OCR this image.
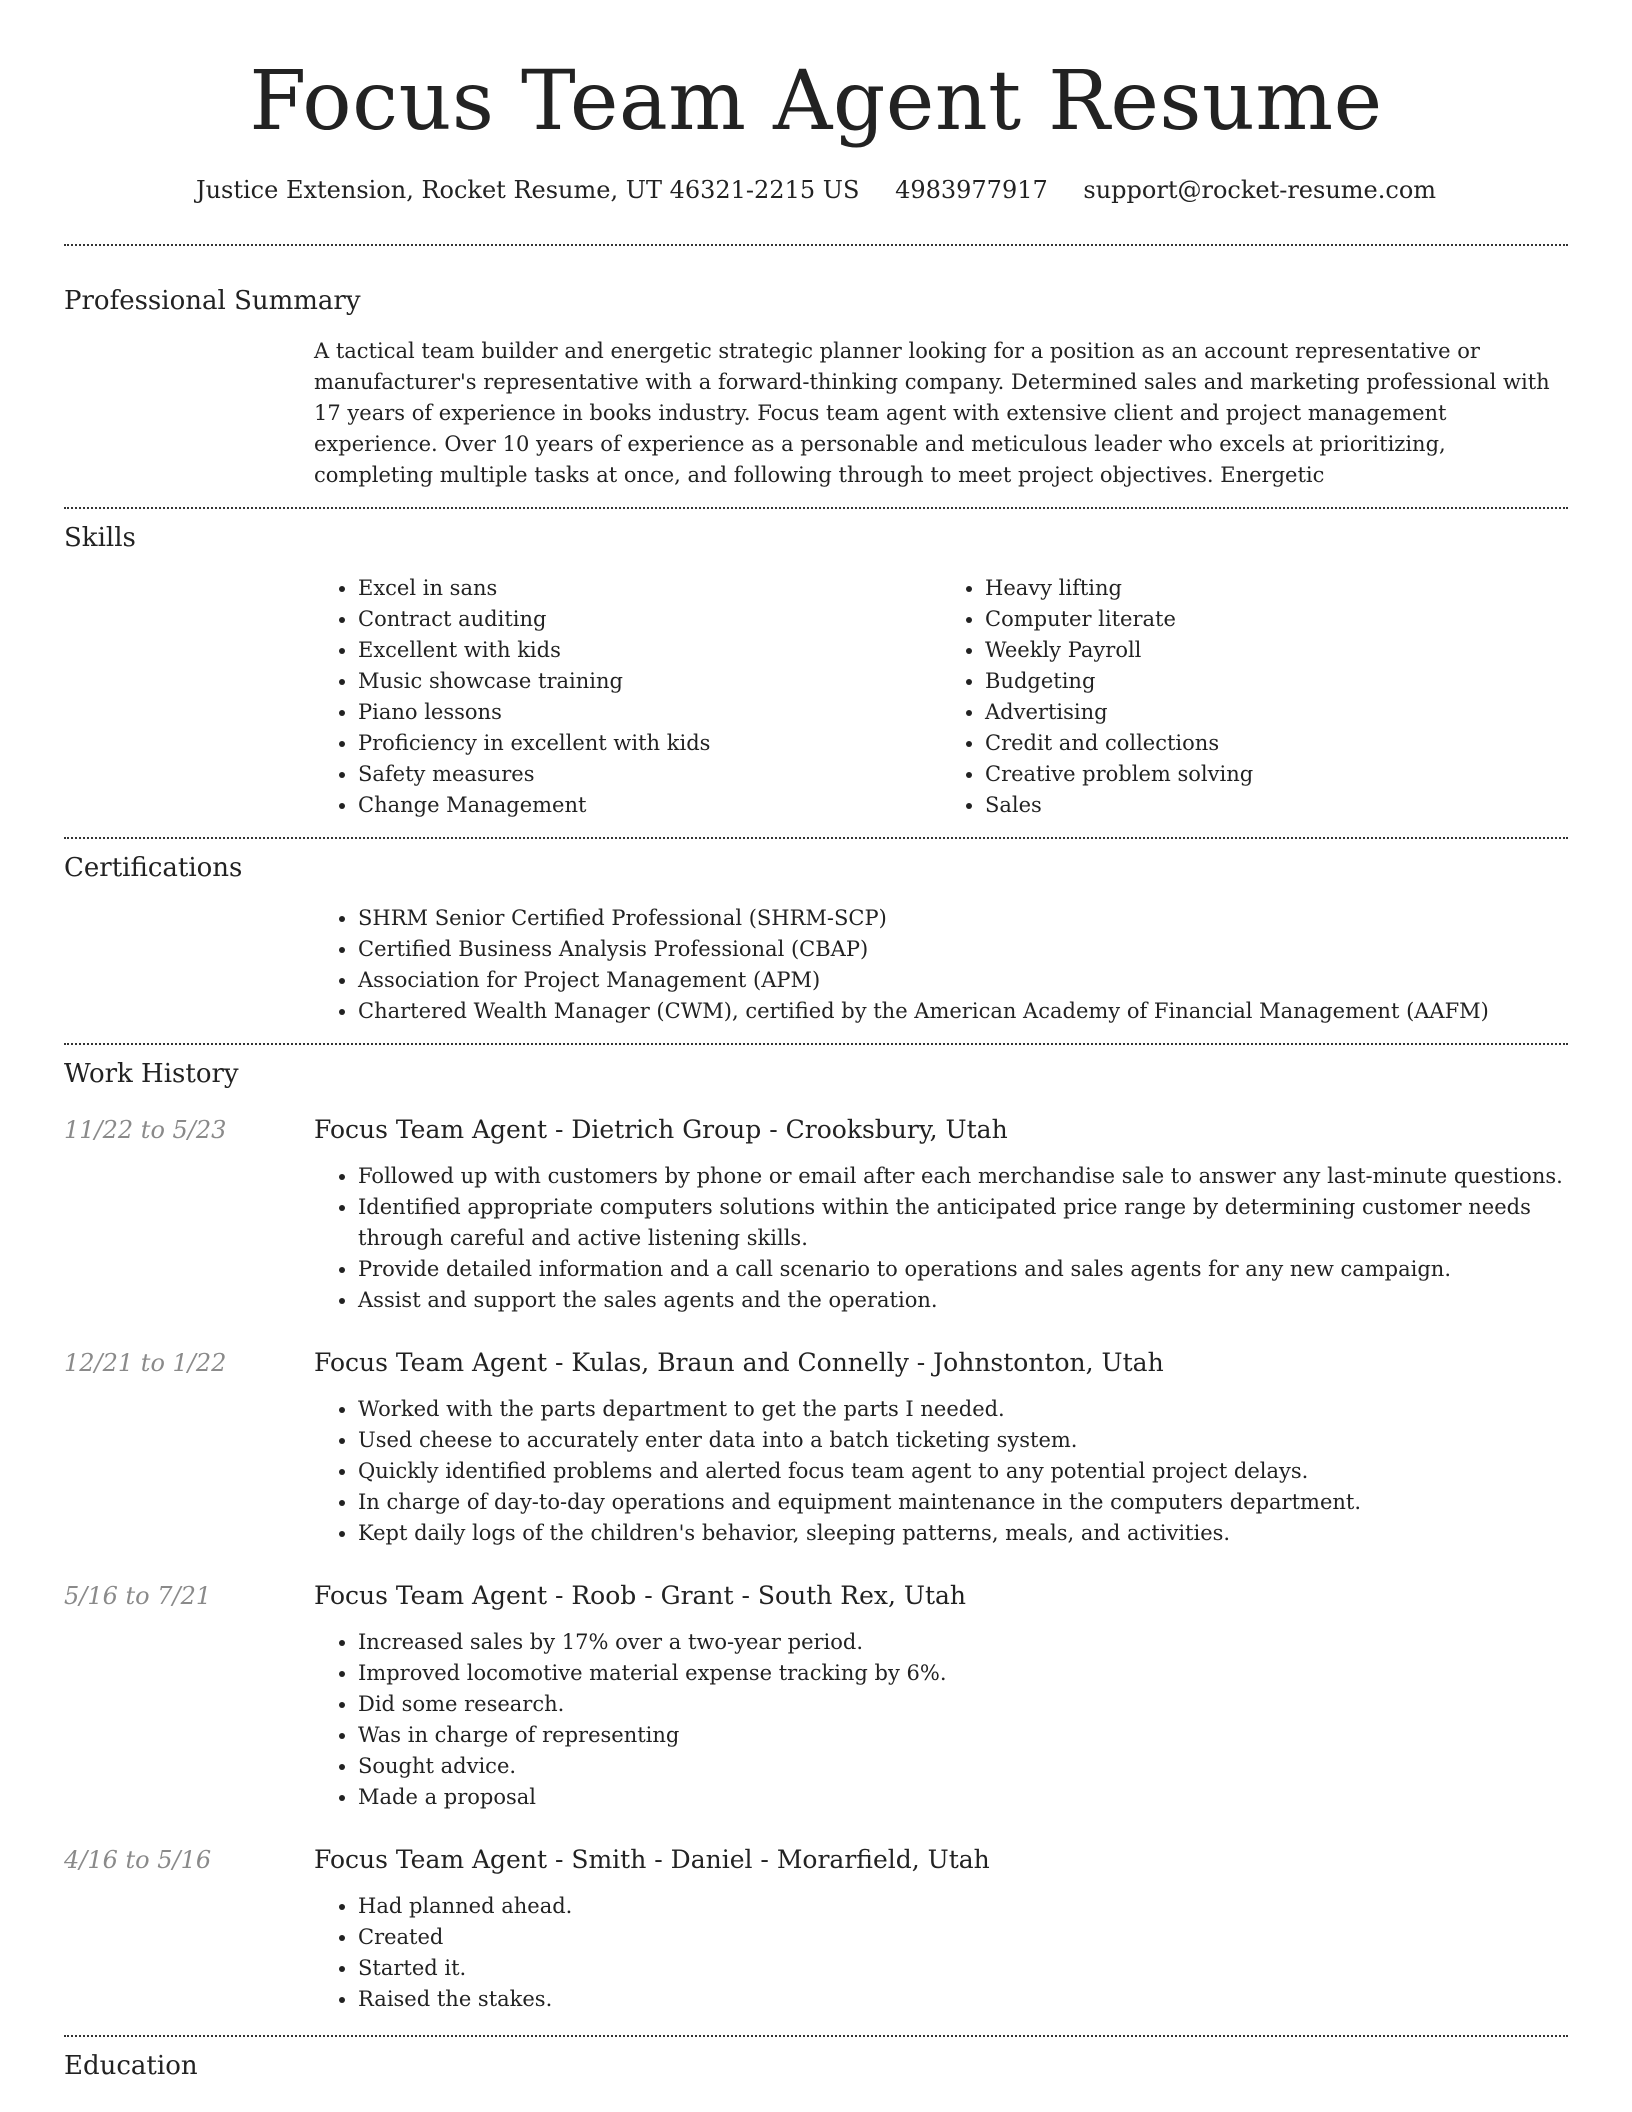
Focus Team Agent Resume
Justice Extension, Rocket Resume, UT 46321-2215 US 4983977917 support@rocket-resume.com
Professional Summary
A tactical team builder and energetic strategic planner looking for a position as an account representative or manufacturer's representative with a forward-thinking company. Determined sales and marketing professional with 17 years of experience in books industry. Focus team agent with extensive client and project management experience. Over 10 years of experience as a personable and meticulous leader who excels at prioritizing, completing multiple tasks at once, and following through to meet project objectives. Energetic
Skills
• Excel in sans
• Contract auditing
• Excellent with kids
• Music showcase training
• Piano lessons
• Proficiency in excellent with kids
• Safety measures
• Change Management
• Heavy lifting
• Computer literate
• Weekly Payroll
• Budgeting
• Advertising
• Credit and collections
• Creative problem solving
• Sales
Certifications
• SHRM Senior Certified Professional (SHRM-SCP)
• Certified Business Analysis Professional (CBAP)
• Association for Project Management (APM)
• Chartered Wealth Manager (CWM), certified by the American Academy of Financial Management (AAFM)
Work History
11/22 to 5/23	Focus Team Agent - Dietrich Group - Crooksbury, Utah
• Followed up with customers by phone or email after each merchandise sale to answer any last-minute questions.
• Identified appropriate computers solutions within the anticipated price range by determining customer needs through careful and active listening skills.
• Provide detailed information and a call scenario to operations and sales agents for any new campaign.
• Assist and support the sales agents and the operation.
12/21 to 1/22	Focus Team Agent - Kulas, Braun and Connelly - Johnstonton, Utah
• Worked with the parts department to get the parts I needed.
• Used cheese to accurately enter data into a batch ticketing system.
• Quickly identified problems and alerted focus team agent to any potential project delays.
• In charge of day-to-day operations and equipment maintenance in the computers department.
• Kept daily logs of the children's behavior, sleeping patterns, meals, and activities.
5/16 to 7/21	Focus Team Agent - Roob - Grant - South Rex, Utah
• Increased sales by 17% over a two-year period.
• Improved locomotive material expense tracking by 6%.
• Did some research.
• Was in charge of representing
• Sought advice.
• Made a proposal
4/16 to 5/16	Focus Team Agent - Smith - Daniel - Morarfield, Utah
• Had planned ahead.
• Created
• Started it.
• Raised the stakes.
Education
